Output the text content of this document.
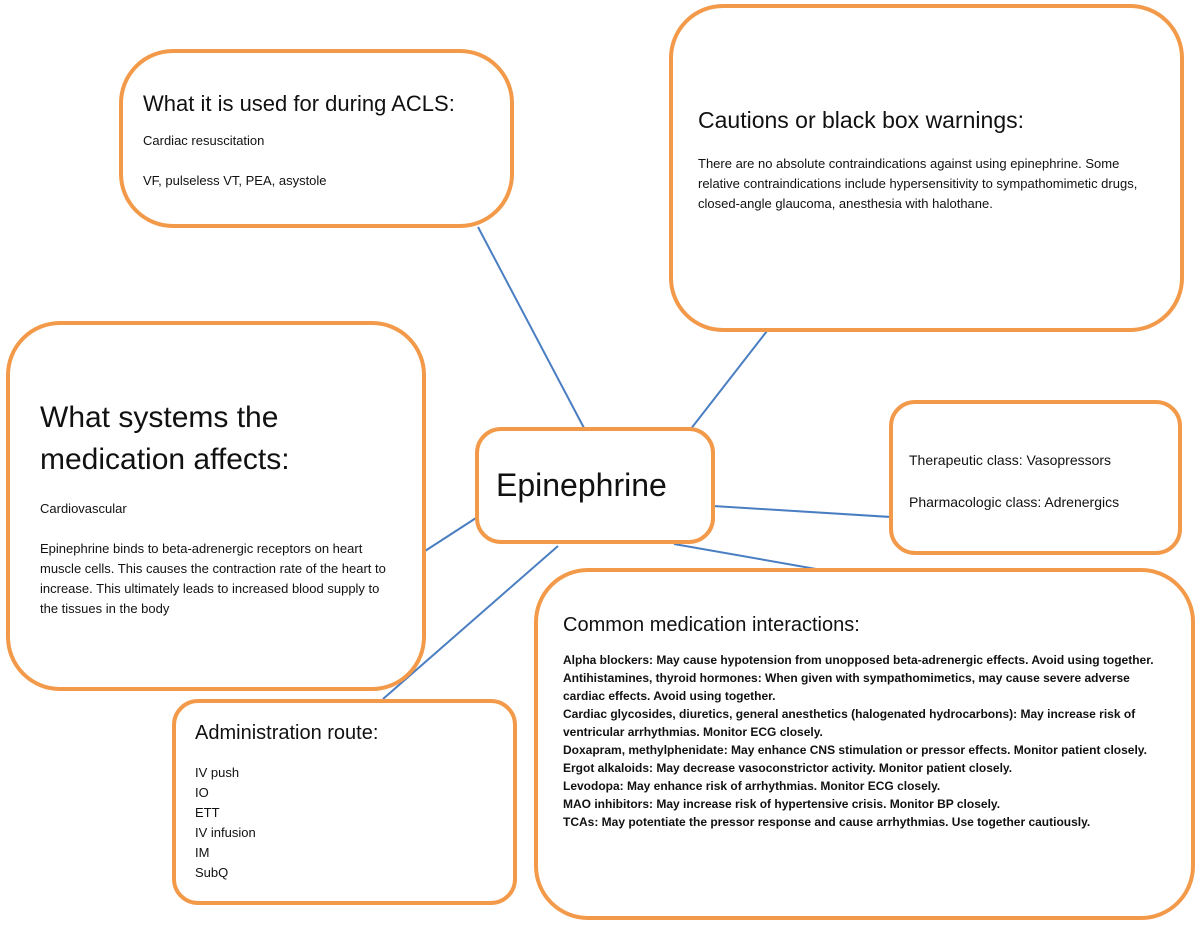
What it is used for during ACLS:

Cardiac resuscitation

VF, pulseless VT, PEA, asystole

Cautions or black box warnings:

There are no absolute contraindications against using epinephrine. Some relative contraindications include hypersensitivity to sympathomimetic drugs, closed-angle glaucoma, anesthesia with halothane.

What systems the medication affects:

Cardiovascular

Epinephrine binds to beta-adrenergic receptors on heart muscle cells. This causes the contraction rate of the heart to increase. This ultimately leads to increased blood supply to the tissues in the body

Epinephrine

Therapeutic class: Vasopressors

Pharmacologic class: Adrenergics

Common medication interactions:

Alpha blockers: May cause hypotension from unopposed beta-adrenergic effects. Avoid using together.

Antihistamines, thyroid hormones: When given with sympathomimetics, may cause severe adverse cardiac effects. Avoid using together.

Cardiac glycosides, diuretics, general anesthetics (halogenated hydrocarbons): May increase risk of ventricular arrhythmias. Monitor ECG closely.

Doxapram, methylphenidate: May enhance CNS stimulation or pressor effects. Monitor patient closely.

Ergot alkaloids: May decrease vasoconstrictor activity. Monitor patient closely.

Levodopa: May enhance risk of arrhythmias. Monitor ECG closely.

MAO inhibitors: May increase risk of hypertensive crisis. Monitor BP closely.

TCAs: May potentiate the pressor response and cause arrhythmias. Use together cautiously.

Administration route:
IV push
IO
ETT
IV infusion
IM
SubQ
